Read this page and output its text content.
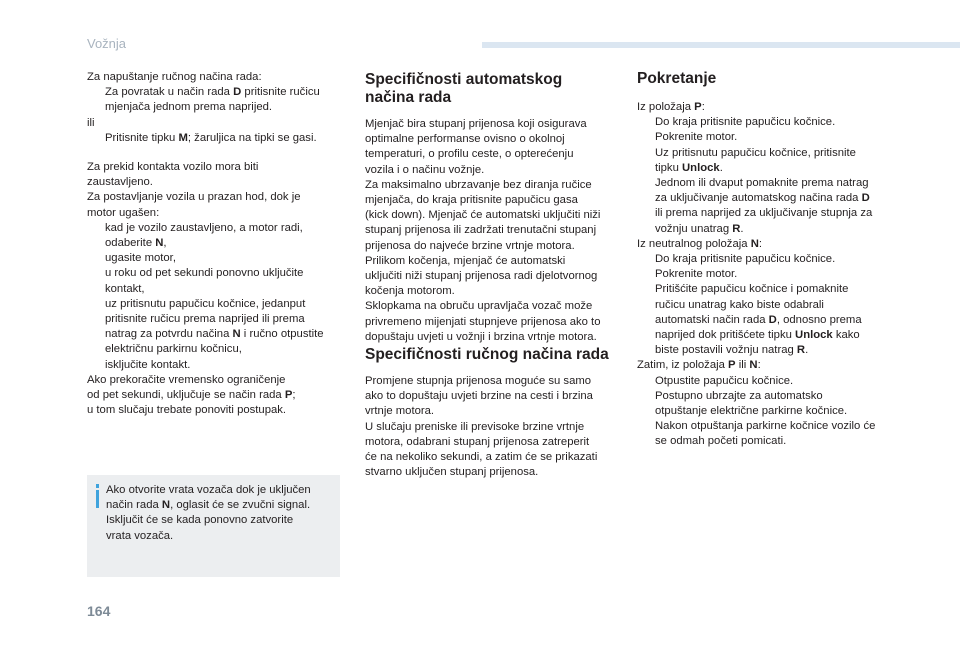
Vožnja
Za napuštanje ručnog načina rada:
Za povratak u način rada D pritisnite ručicu
mjenjača jednom prema naprijed.
ili
Pritisnite tipku M; žaruljica na tipki se gasi.
Za prekid kontakta vozilo mora biti
zaustavljeno.
Za postavljanje vozila u prazan hod, dok je
motor ugašen:
kad je vozilo zaustavljeno, a motor radi,
odaberite N,
ugasite motor,
u roku od pet sekundi ponovno uključite
kontakt,
uz pritisnutu papučicu kočnice, jedanput
pritisnite ručicu prema naprijed ili prema
natrag za potvrdu načina N i ručno otpustite
električnu parkirnu kočnicu,
isključite kontakt.
Ako prekoračite vremensko ograničenje
od pet sekundi, uključuje se način rada P;
u tom slučaju trebate ponoviti postupak.
Ako otvorite vrata vozača dok je uključen
način rada N, oglasit će se zvučni signal.
Isključit će se kada ponovno zatvorite
vrata vozača.
Specifičnosti automatskog
načina rada
Mjenjač bira stupanj prijenosa koji osigurava
optimalne performanse ovisno o okolnoj
temperaturi, o profilu ceste, o opterećenju
vozila i o načinu vožnje.
Za maksimalno ubrzavanje bez diranja ručice
mjenjača, do kraja pritisnite papučicu gasa
(kick down). Mjenjač će automatski uključiti niži
stupanj prijenosa ili zadržati trenutačni stupanj
prijenosa do najveće brzine vrtnje motora.
Prilikom kočenja, mjenjač će automatski
uključiti niži stupanj prijenosa radi djelotvornog
kočenja motorom.
Sklopkama na obruču upravljača vozač može
privremeno mijenjati stupnjeve prijenosa ako to
dopuštaju uvjeti u vožnji i brzina vrtnje motora.
Specifičnosti ručnog načina rada
Promjene stupnja prijenosa moguće su samo
ako to dopuštaju uvjeti brzine na cesti i brzina
vrtnje motora.
U slučaju preniske ili previsoke brzine vrtnje
motora, odabrani stupanj prijenosa zatreperit
će na nekoliko sekundi, a zatim će se prikazati
stvarno uključen stupanj prijenosa.
Pokretanje
Iz položaja P:
Do kraja pritisnite papučicu kočnice.
Pokrenite motor.
Uz pritisnutu papučicu kočnice, pritisnite
tipku Unlock.
Jednom ili dvaput pomaknite prema natrag
za uključivanje automatskog načina rada D
ili prema naprijed za uključivanje stupnja za
vožnju unatrag R.
Iz neutralnog položaja N:
Do kraja pritisnite papučicu kočnice.
Pokrenite motor.
Pritišćite papučicu kočnice i pomaknite
ručicu unatrag kako biste odabrali
automatski način rada D, odnosno prema
naprijed dok pritišćete tipku Unlock kako
biste postavili vožnju natrag R.
Zatim, iz položaja P ili N:
Otpustite papučicu kočnice.
Postupno ubrzajte za automatsko
otpuštanje električne parkirne kočnice.
Nakon otpuštanja parkirne kočnice vozilo će
se odmah početi pomicati.
164
